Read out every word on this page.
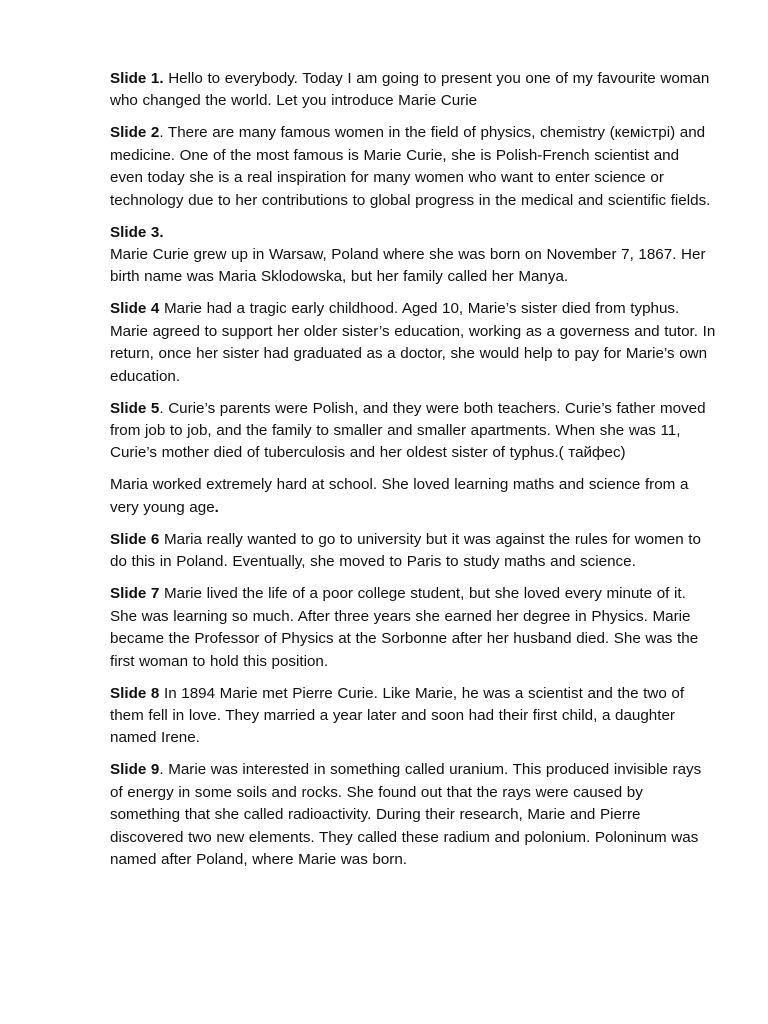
Slide 1. Hello to everybody. Today I am going to present you one of my favourite woman who changed the world. Let you introduce Marie Curie

Slide 2. There are many famous women in the field of physics, chemistry (кемістрі) and medicine. One of the most famous is Marie Curie, she is Polish-French scientist and even today she is a real inspiration for many women who want to enter science or technology due to her contributions to global progress in the medical and scientific fields.

Slide 3.
Marie Curie grew up in Warsaw, Poland where she was born on November 7, 1867. Her birth name was Maria Sklodowska, but her family called her Manya.

Slide 4 Marie had a tragic early childhood. Aged 10, Marie’s sister died from typhus. Marie agreed to support her older sister’s education, working as a governess and tutor. In return, once her sister had graduated as a doctor, she would help to pay for Marie’s own education.

Slide 5. Curie’s parents were Polish, and they were both teachers. Curie’s father moved from job to job, and the family to smaller and smaller apartments. When she was 11, Curie’s mother died of tuberculosis and her oldest sister of typhus.( тайфес)

Maria worked extremely hard at school. She loved learning maths and science from a very young age.

Slide 6 Maria really wanted to go to university but it was against the rules for women to do this in Poland. Eventually, she moved to Paris to study maths and science.

Slide 7 Marie lived the life of a poor college student, but she loved every minute of it. She was learning so much. After three years she earned her degree in Physics. Marie became the Professor of Physics at the Sorbonne after her husband died. She was the first woman to hold this position.

Slide 8 In 1894 Marie met Pierre Curie. Like Marie, he was a scientist and the two of them fell in love. They married a year later and soon had their first child, a daughter named Irene.

Slide 9. Marie was interested in something called uranium. This produced invisible rays of energy in some soils and rocks. She found out that the rays were caused by something that she called radioactivity. During their research, Marie and Pierre discovered two new elements. They called these radium and polonium. Poloninum was named after Poland, where Marie was born.
